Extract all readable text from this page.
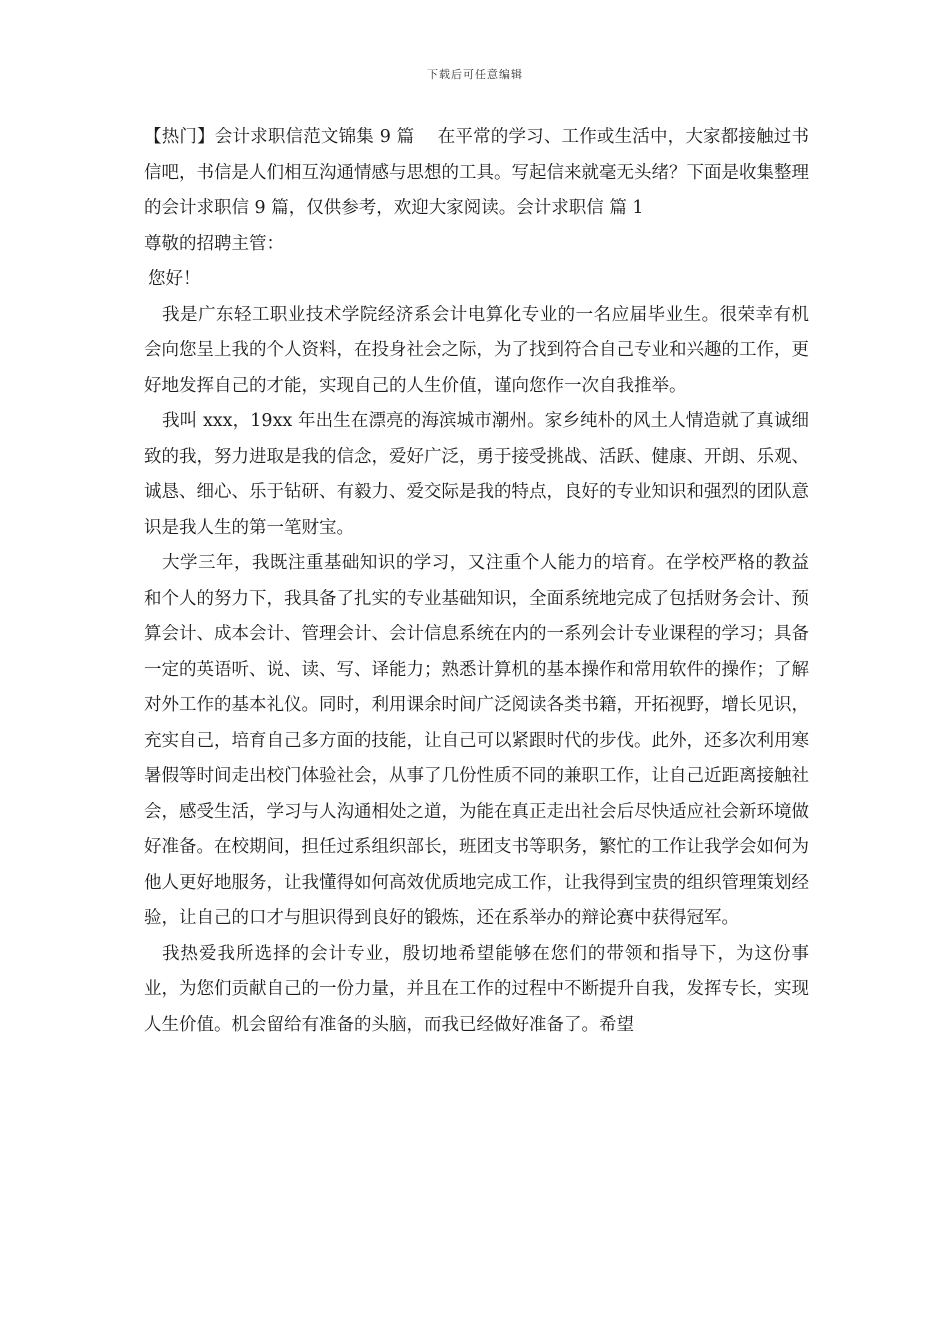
下载后可任意编辑

【热门】会计求职信范文锦集 9 篇　 在平常的学习、工作或生活中，大家都接触过书信吧，书信是人们相互沟通情感与思想的工具。写起信来就毫无头绪？下面是收集整理的会计求职信 9 篇，仅供参考，欢迎大家阅读。会计求职信 篇 1

尊敬的招聘主管：

您好！

我是广东轻工职业技术学院经济系会计电算化专业的一名应届毕业生。很荣幸有机会向您呈上我的个人资料，在投身社会之际，为了找到符合自己专业和兴趣的工作，更好地发挥自己的才能，实现自己的人生价值，谨向您作一次自我推举。

我叫 xxx，19xx 年出生在漂亮的海滨城市潮州。家乡纯朴的风土人情造就了真诚细致的我，努力进取是我的信念，爱好广泛，勇于接受挑战、活跃、健康、开朗、乐观、诚恳、细心、乐于钻研、有毅力、爱交际是我的特点，良好的专业知识和强烈的团队意识是我人生的第一笔财宝。

大学三年，我既注重基础知识的学习，又注重个人能力的培育。在学校严格的教益和个人的努力下，我具备了扎实的专业基础知识，全面系统地完成了包括财务会计、预算会计、成本会计、管理会计、会计信息系统在内的一系列会计专业课程的学习；具备一定的英语听、说、读、写、译能力；熟悉计算机的基本操作和常用软件的操作；了解对外工作的基本礼仪。同时，利用课余时间广泛阅读各类书籍，开拓视野，增长见识，充实自己，培育自己多方面的技能，让自己可以紧跟时代的步伐。此外，还多次利用寒暑假等时间走出校门体验社会，从事了几份性质不同的兼职工作，让自己近距离接触社会，感受生活，学习与人沟通相处之道，为能在真正走出社会后尽快适应社会新环境做好准备。在校期间，担任过系组织部长，班团支书等职务，繁忙的工作让我学会如何为他人更好地服务，让我懂得如何高效优质地完成工作，让我得到宝贵的组织管理策划经验，让自己的口才与胆识得到良好的锻炼，还在系举办的辩论赛中获得冠军。

我热爱我所选择的会计专业，殷切地希望能够在您们的带领和指导下，为这份事业，为您们贡献自己的一份力量，并且在工作的过程中不断提升自我，发挥专长，实现人生价值。机会留给有准备的头脑，而我已经做好准备了。希望
